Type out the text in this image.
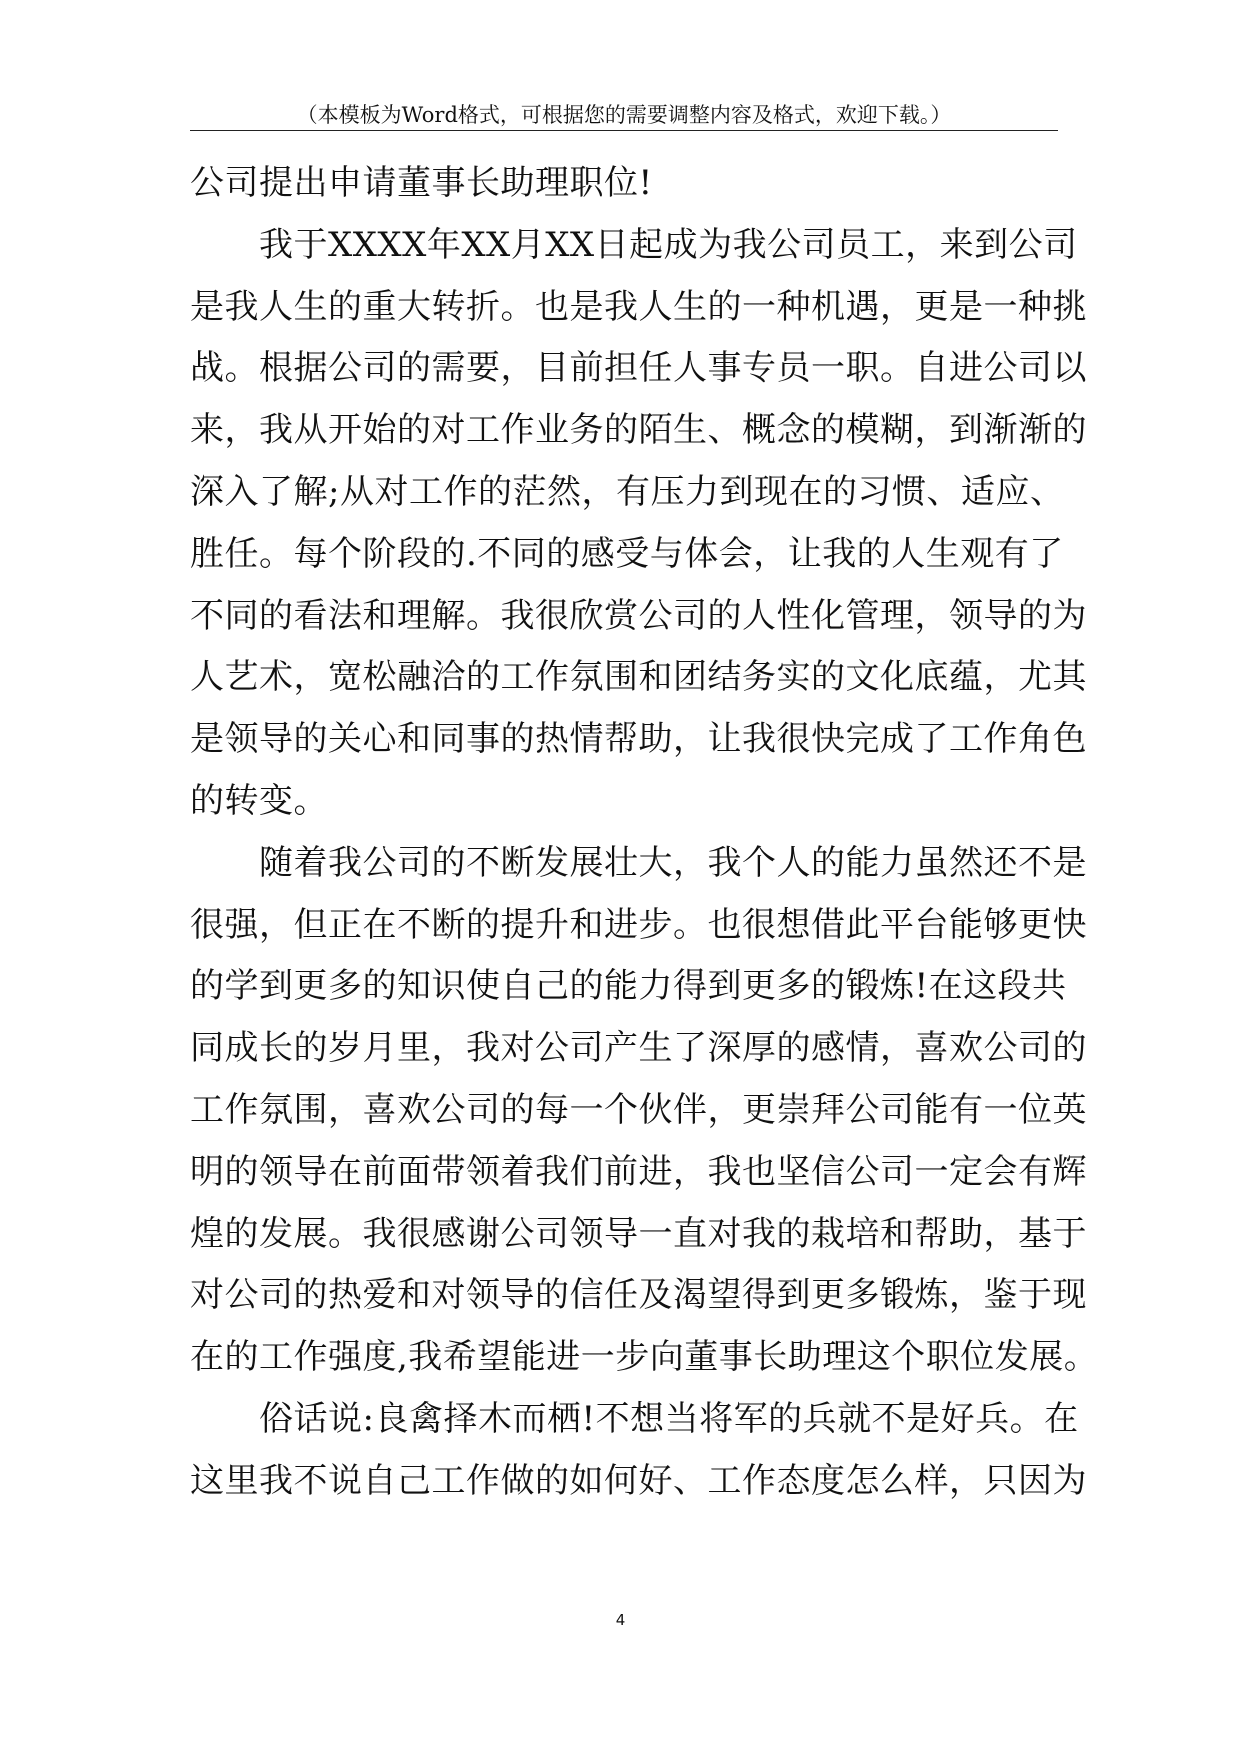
（本模板为Word格式，可根据您的需要调整内容及格式，欢迎下载。）
公司提出申请董事长助理职位!
　　我于XXXX年XX月XX日起成为我公司员工，来到公司
是我人生的重大转折。也是我人生的一种机遇，更是一种挑
战。根据公司的需要，目前担任人事专员一职。自进公司以
来，我从开始的对工作业务的陌生、概念的模糊，到渐渐的
深入了解;从对工作的茫然，有压力到现在的习惯、适应、
胜任。每个阶段的.不同的感受与体会，让我的人生观有了
不同的看法和理解。我很欣赏公司的人性化管理，领导的为
人艺术，宽松融洽的工作氛围和团结务实的文化底蕴，尤其
是领导的关心和同事的热情帮助，让我很快完成了工作角色
的转变。
　　随着我公司的不断发展壮大，我个人的能力虽然还不是
很强，但正在不断的提升和进步。也很想借此平台能够更快
的学到更多的知识使自己的能力得到更多的锻炼!在这段共
同成长的岁月里，我对公司产生了深厚的感情，喜欢公司的
工作氛围，喜欢公司的每一个伙伴，更崇拜公司能有一位英
明的领导在前面带领着我们前进，我也坚信公司一定会有辉
煌的发展。我很感谢公司领导一直对我的栽培和帮助，基于
对公司的热爱和对领导的信任及渴望得到更多锻炼，鉴于现
在的工作强度,我希望能进一步向董事长助理这个职位发展。
　　俗话说:良禽择木而栖!不想当将军的兵就不是好兵。在
这里我不说自己工作做的如何好、工作态度怎么样，只因为
4
